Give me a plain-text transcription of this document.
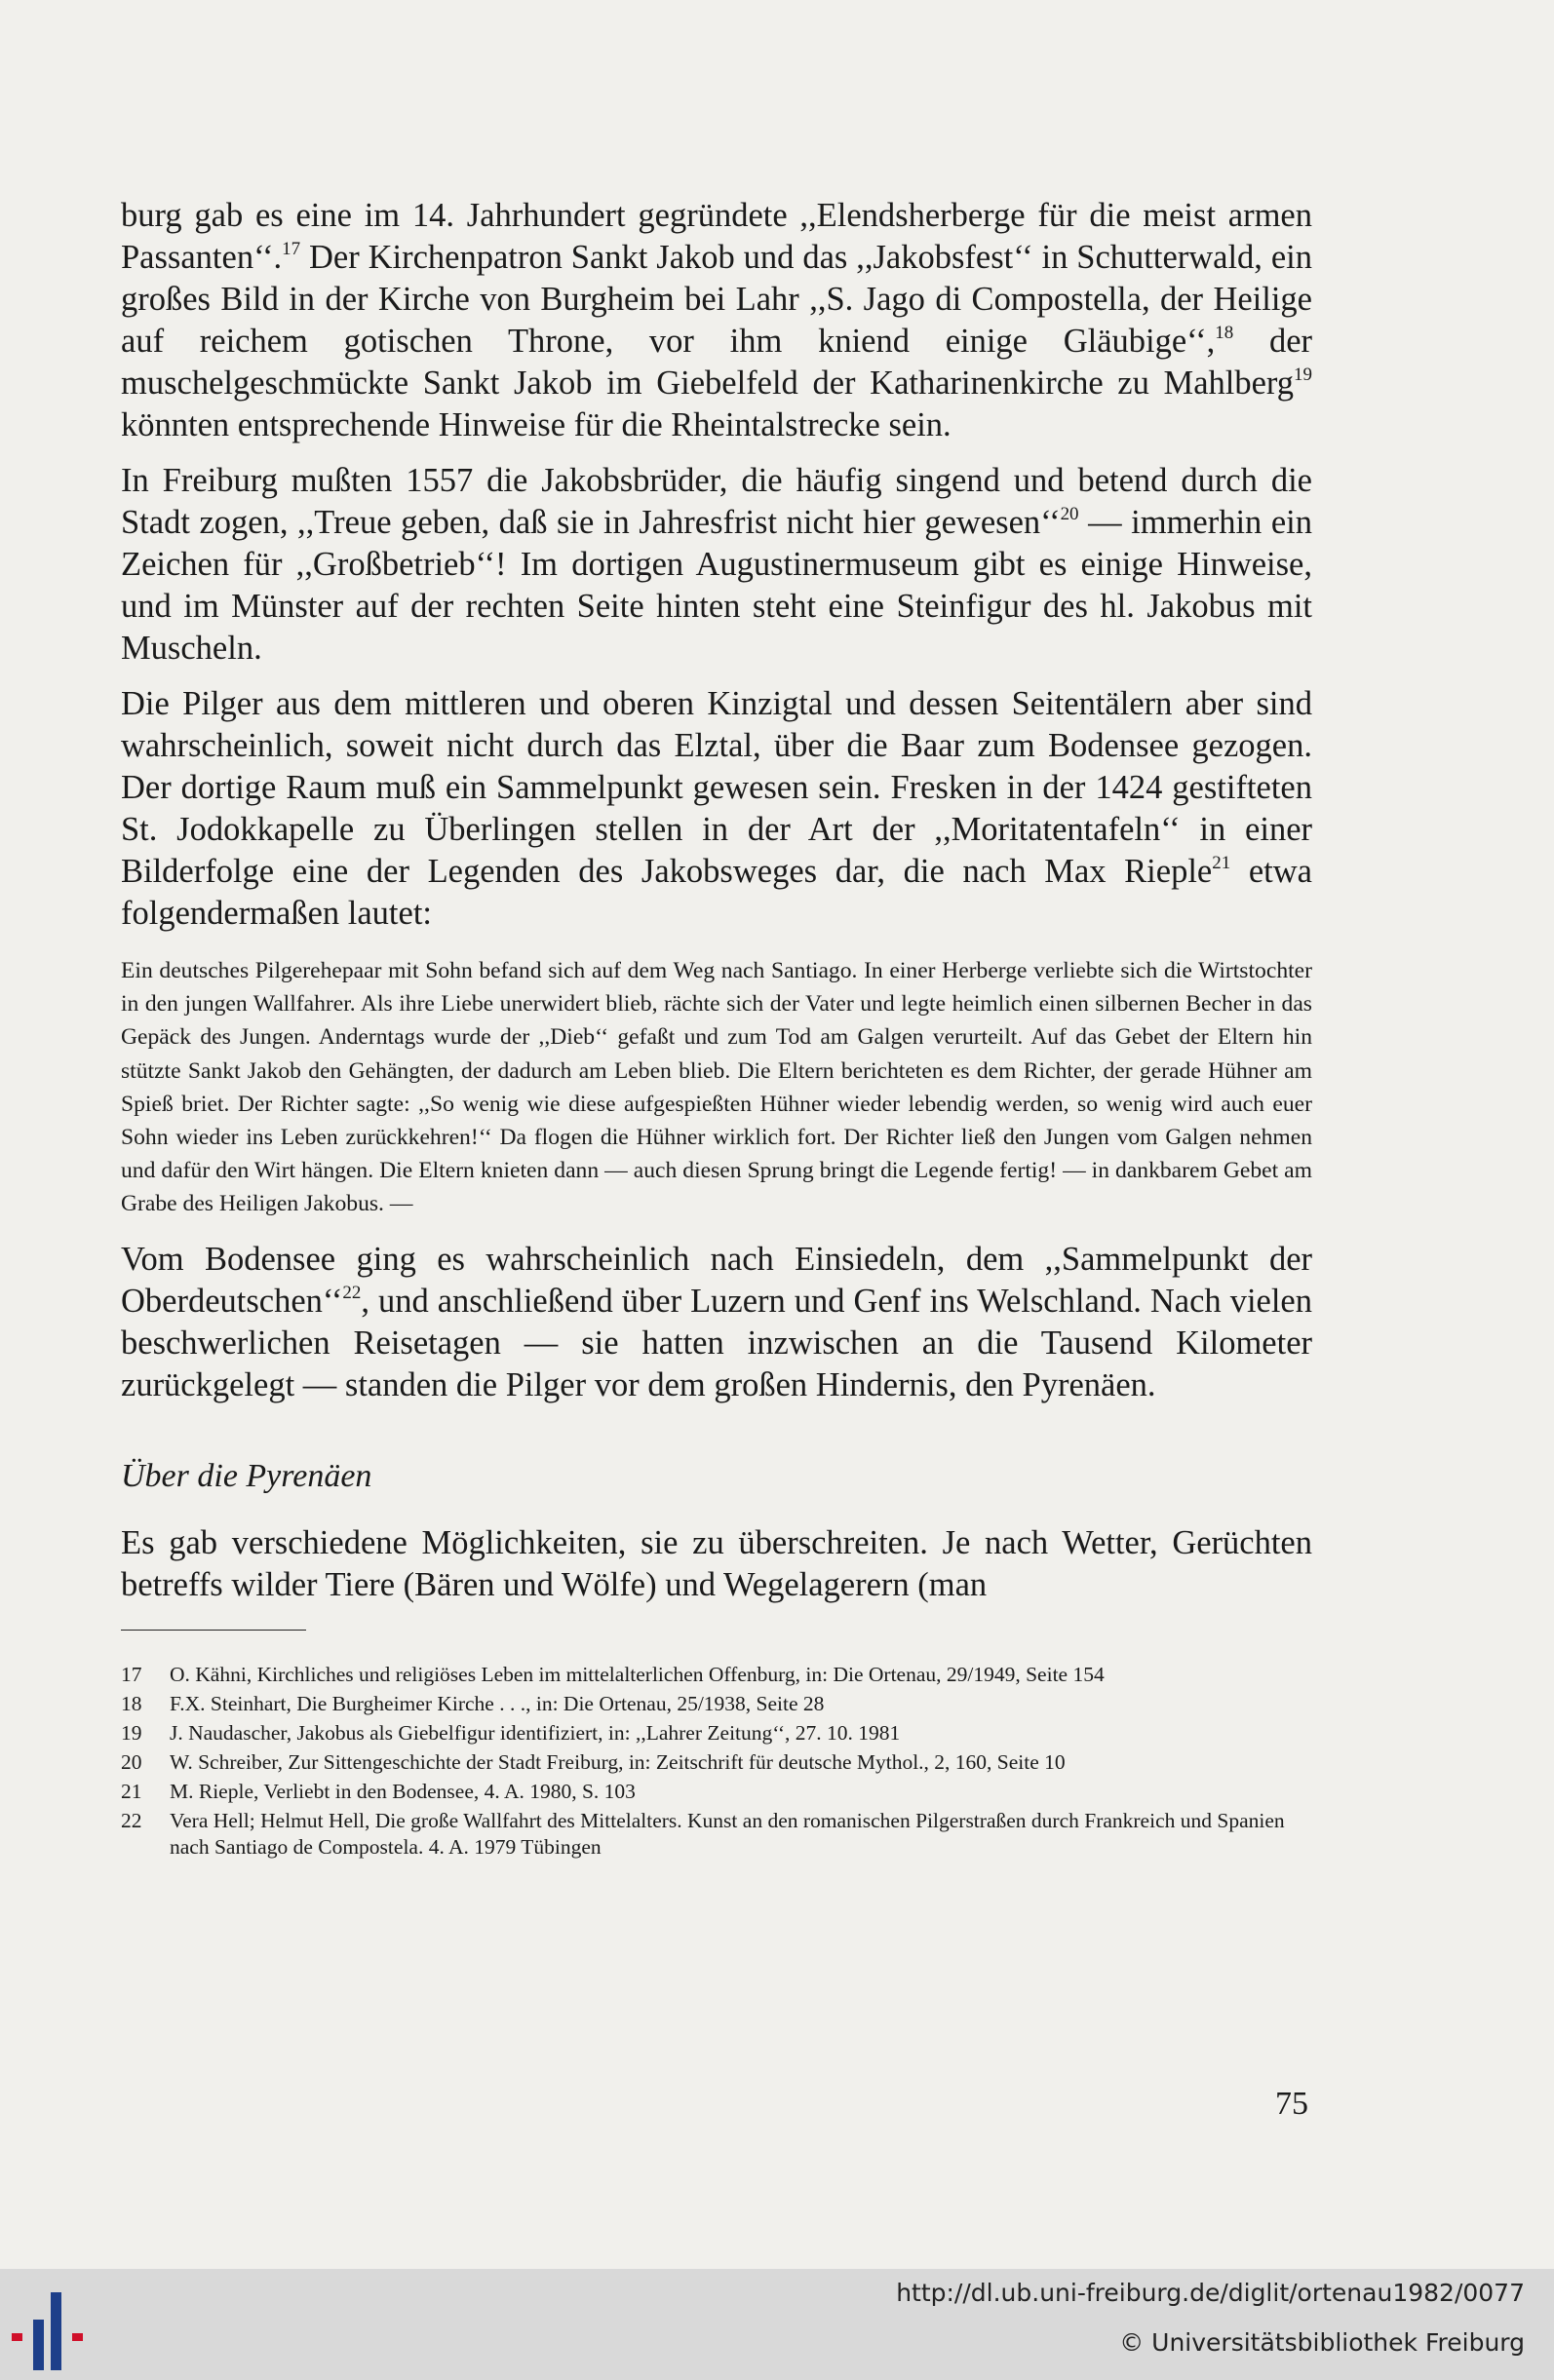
burg gab es eine im 14. Jahrhundert gegründete ,,Elendsherberge für die meist armen Passanten‘‘.$^{17}$ Der Kirchenpatron Sankt Jakob und das ,,Jakobsfest‘‘ in Schutterwald, ein großes Bild in der Kirche von Burgheim bei Lahr ,,S. Jago di Compostella, der Heilige auf reichem gotischen Throne, vor ihm kniend einige Gläubige‘‘,$^{18}$ der muschelgeschmückte Sankt Jakob im Giebelfeld der Katharinenkirche zu Mahlberg$^{19}$ könnten entsprechende Hinweise für die Rheintalstrecke sein.

In Freiburg mußten 1557 die Jakobsbrüder, die häufig singend und betend durch die Stadt zogen, ,,Treue geben, daß sie in Jahresfrist nicht hier gewesen‘‘$^{20}$ — immerhin ein Zeichen für ,,Großbetrieb‘‘! Im dortigen Augustinermuseum gibt es einige Hinweise, und im Münster auf der rechten Seite hinten steht eine Steinfigur des hl. Jakobus mit Muscheln.

Die Pilger aus dem mittleren und oberen Kinzigtal und dessen Seitentälern aber sind wahrscheinlich, soweit nicht durch das Elztal, über die Baar zum Bodensee gezogen. Der dortige Raum muß ein Sammelpunkt gewesen sein. Fresken in der 1424 gestifteten St. Jodokkapelle zu Überlingen stellen in der Art der ,,Moritatentafeln‘‘ in einer Bilderfolge eine der Legenden des Jakobsweges dar, die nach Max Rieple$^{21}$ etwa folgendermaßen lautet:

Ein deutsches Pilgerehepaar mit Sohn befand sich auf dem Weg nach Santiago. In einer Herberge verliebte sich die Wirtstochter in den jungen Wallfahrer. Als ihre Liebe unerwidert blieb, rächte sich der Vater und legte heimlich einen silbernen Becher in das Gepäck des Jungen. Anderntags wurde der ,,Dieb‘‘ gefaßt und zum Tod am Galgen verurteilt. Auf das Gebet der Eltern hin stützte Sankt Jakob den Gehängten, der dadurch am Leben blieb. Die Eltern berichteten es dem Richter, der gerade Hühner am Spieß briet. Der Richter sagte: ,,So wenig wie diese aufgespießten Hühner wieder lebendig werden, so wenig wird auch euer Sohn wieder ins Leben zurückkehren!‘‘ Da flogen die Hühner wirklich fort. Der Richter ließ den Jungen vom Galgen nehmen und dafür den Wirt hängen. Die Eltern knieten dann — auch diesen Sprung bringt die Legende fertig! — in dankbarem Gebet am Grabe des Heiligen Jakobus. —

Vom Bodensee ging es wahrscheinlich nach Einsiedeln, dem ,,Sammelpunkt der Oberdeutschen‘‘$^{22}$, und anschließend über Luzern und Genf ins Welschland. Nach vielen beschwerlichen Reisetagen — sie hatten inzwischen an die Tausend Kilometer zurückgelegt — standen die Pilger vor dem großen Hindernis, den Pyrenäen.

Über die Pyrenäen

Es gab verschiedene Möglichkeiten, sie zu überschreiten. Je nach Wetter, Gerüchten betreffs wilder Tiere (Bären und Wölfe) und Wegelagerern (man

17	O. Kähni, Kirchliches und religiöses Leben im mittelalterlichen Offenburg, in: Die Ortenau, 29/1949, Seite 154
18	F.X. Steinhart, Die Burgheimer Kirche . . ., in: Die Ortenau, 25/1938, Seite 28
19	J. Naudascher, Jakobus als Giebelfigur identifiziert, in: ,,Lahrer Zeitung‘‘, 27. 10. 1981
20	W. Schreiber, Zur Sittengeschichte der Stadt Freiburg, in: Zeitschrift für deutsche Mythol., 2, 160, Seite 10
21	M. Rieple, Verliebt in den Bodensee, 4. A. 1980, S. 103
22	Vera Hell; Helmut Hell, Die große Wallfahrt des Mittelalters. Kunst an den romanischen Pilgerstraßen durch Frankreich und Spanien nach Santiago de Compostela. 4. A. 1979 Tübingen
75
http://dl.ub.uni-freiburg.de/diglit/ortenau1982/0077
© Universitätsbibliothek Freiburg
